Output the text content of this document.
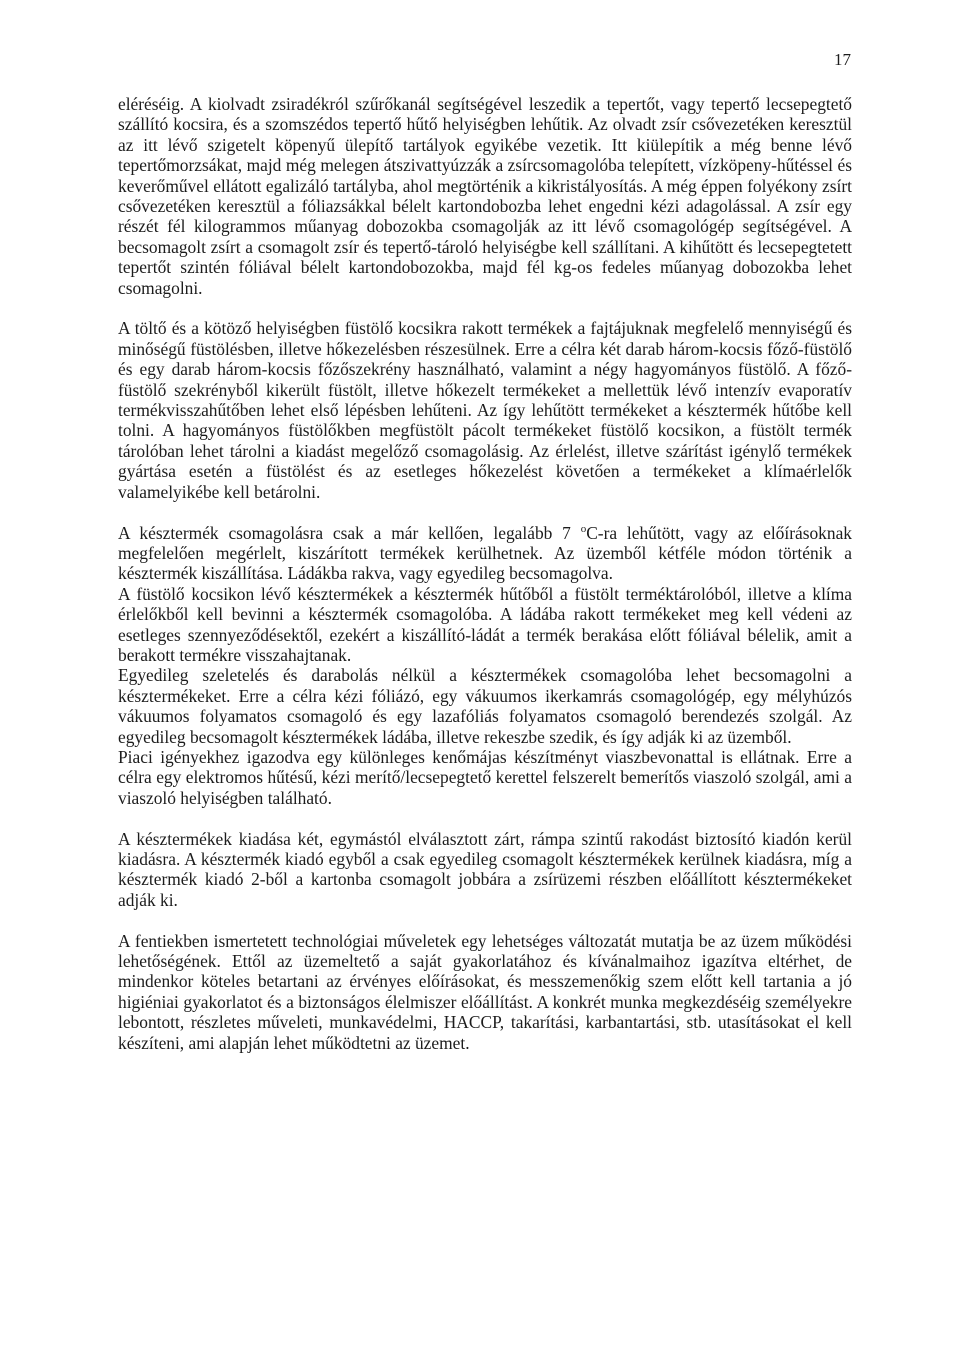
17

eléréséig. A kiolvadt zsiradékról szűrőkanál segítségével leszedik a tepertőt, vagy tepertő lecsepegtető szállító kocsira, és a szomszédos tepertő hűtő helyiségben lehűtik. Az olvadt zsír csővezetéken keresztül az itt lévő szigetelt köpenyű ülepítő tartályok egyikébe vezetik. Itt kiülepítik a még benne lévő tepertőmorzsákat, majd még melegen átszivattyúzzák a zsírcsomagolóba telepített, vízköpeny-hűtéssel és keverőművel ellátott egalizáló tartályba, ahol megtörténik a kikristályosítás. A még éppen folyékony zsírt csővezetéken keresztül a fóliazsákkal bélelt kartondobozba lehet engedni kézi adagolással. A zsír egy részét fél kilogrammos műanyag dobozokba csomagolják az itt lévő csomagológép segítségével. A becsomagolt zsírt a csomagolt zsír és tepertő-tároló helyiségbe kell szállítani. A kihűtött és lecsepegtetett tepertőt szintén fóliával bélelt kartondobozokba, majd fél kg-os fedeles műanyag dobozokba lehet csomagolni.

A töltő és a kötöző helyiségben füstölő kocsikra rakott termékek a fajtájuknak megfelelő mennyiségű és minőségű füstölésben, illetve hőkezelésben részesülnek. Erre a célra két darab három-kocsis főző-füstölő és egy darab három-kocsis főzőszekrény használható, valamint a négy hagyományos füstölő. A főző-füstölő szekrényből kikerült füstölt, illetve hőkezelt termékeket a mellettük lévő intenzív evaporatív termékvisszahűtőben lehet első lépésben lehűteni. Az így lehűtött termékeket a késztermék hűtőbe kell tolni. A hagyományos füstölőkben megfüstölt pácolt termékeket füstölő kocsikon, a füstölt termék tárolóban lehet tárolni a kiadást megelőző csomagolásig. Az érlelést, illetve szárítást igénylő termékek gyártása esetén a füstölést és az esetleges hőkezelést követően a termékeket a klímaérlelők valamelyikébe kell betárolni.

A késztermék csomagolásra csak a már kellően, legalább 7 $^o$C-ra lehűtött, vagy az előírásoknak megfelelően megérlelt, kiszárított termékek kerülhetnek. Az üzemből kétféle módon történik a késztermék kiszállítása. Ládákba rakva, vagy egyedileg becsomagolva.

A füstölő kocsikon lévő késztermékek a késztermék hűtőből a füstölt terméktárolóból, illetve a klíma érlelőkből kell bevinni a késztermék csomagolóba. A ládába rakott termékeket meg kell védeni az esetleges szennyeződésektől, ezekért a kiszállító-ládát a termék berakása előtt fóliával bélelik, amit a berakott termékre visszahajtanak.

Egyedileg szeletelés és darabolás nélkül a késztermékek csomagolóba lehet becsomagolni a késztermékeket. Erre a célra kézi fóliázó, egy vákuumos ikerkamrás csomagológép, egy mélyhúzós vákuumos folyamatos csomagoló és egy lazafóliás folyamatos csomagoló berendezés szolgál. Az egyedileg becsomagolt késztermékek ládába, illetve rekeszbe szedik, és így adják ki az üzemből.

Piaci igényekhez igazodva egy különleges kenőmájas készítményt viaszbevonattal is ellátnak. Erre a célra egy elektromos hűtésű, kézi merítő/lecsepegtető kerettel felszerelt bemerítős viaszoló szolgál, ami a viaszoló helyiségben található.

A késztermékek kiadása két, egymástól elválasztott zárt, rámpa szintű rakodást biztosító kiadón kerül kiadásra. A késztermék kiadó egyből a csak egyedileg csomagolt késztermékek kerülnek kiadásra, míg a késztermék kiadó 2-ből a kartonba csomagolt jobbára a zsírüzemi részben előállított késztermékeket adják ki.

A fentiekben ismertetett technológiai műveletek egy lehetséges változatát mutatja be az üzem működési lehetőségének. Ettől az üzemeltető a saját gyakorlatához és kívánalmaihoz igazítva eltérhet, de mindenkor köteles betartani az érvényes előírásokat, és messzemenőkig szem előtt kell tartania a jó higiéniai gyakorlatot és a biztonságos élelmiszer előállítást. A konkrét munka megkezdéséig személyekre lebontott, részletes műveleti, munkavédelmi, HACCP, takarítási, karbantartási, stb. utasításokat el kell készíteni, ami alapján lehet működtetni az üzemet.
